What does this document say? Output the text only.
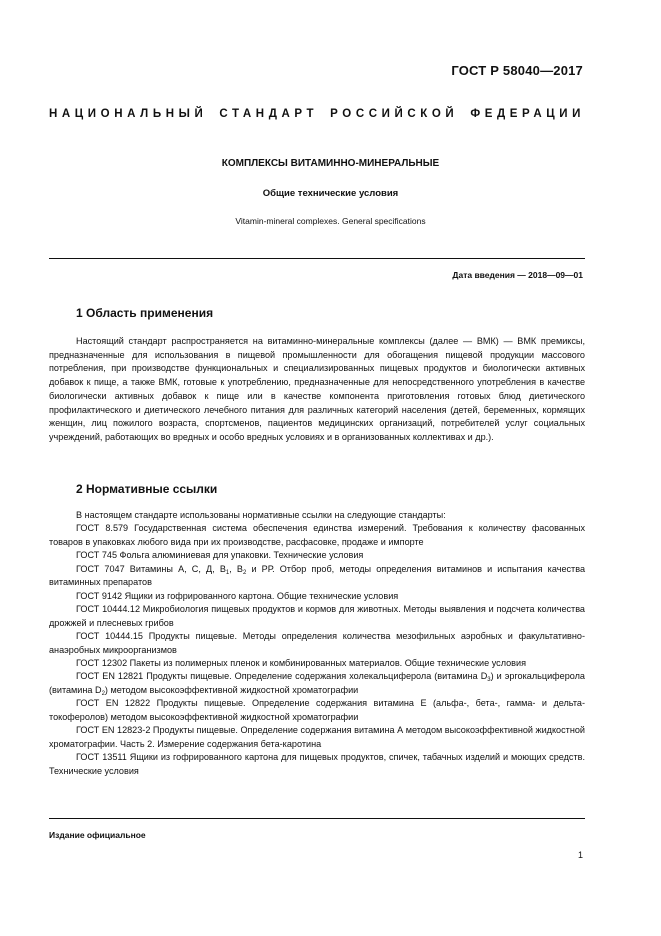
ГОСТ Р 58040—2017
НАЦИОНАЛЬНЫЙ СТАНДАРТ РОССИЙСКОЙ ФЕДЕРАЦИИ
КОМПЛЕКСЫ ВИТАМИННО-МИНЕРАЛЬНЫЕ
Общие технические условия
Vitamin-mineral complexes. General specifications
Дата введения — 2018—09—01
1 Область применения

Настоящий стандарт распространяется на витаминно-минеральные комплексы (далее — ВМК) — ВМК премиксы, предназначенные для использования в пищевой промышленности для обогащения пищевой продукции массового потребления, при производстве функциональных и специализированных пищевых продуктов и биологически активных добавок к пище, а также ВМК, готовые к употреблению, предназначенные для непосредственного употребления в качестве биологически активных добавок к пище или в качестве компонента приготовления готовых блюд диетического профилактического и диетического лечебного питания для различных категорий населения (детей, беременных, кормящих женщин, лиц пожилого возраста, спортсменов, пациентов медицинских организаций, потребителей услуг социальных учреждений, работающих во вредных и особо вредных условиях и в организованных коллективах и др.).

2 Нормативные ссылки

В настоящем стандарте использованы нормативные ссылки на следующие стандарты:

ГОСТ 8.579 Государственная система обеспечения единства измерений. Требования к количеству фасованных товаров в упаковках любого вида при их производстве, расфасовке, продаже и импорте

ГОСТ 745 Фольга алюминиевая для упаковки. Технические условия

ГОСТ 7047 Витамины А, С, Д, $В_1$, $В_2$ и РР. Отбор проб, методы определения витаминов и испытания качества витаминных препаратов

ГОСТ 9142 Ящики из гофрированного картона. Общие технические условия

ГОСТ 10444.12 Микробиология пищевых продуктов и кормов для животных. Методы выявления и подсчета количества дрожжей и плесневых грибов

ГОСТ 10444.15 Продукты пищевые. Методы определения количества мезофильных аэробных и факультативно-анаэробных микроорганизмов

ГОСТ 12302 Пакеты из полимерных пленок и комбинированных материалов. Общие технические условия

ГОСТ EN 12821 Продукты пищевые. Определение содержания холекальциферола (витамина $D_3$) и эргокальциферола (витамина $D_2$) методом высокоэффективной жидкостной хроматографии

ГОСТ EN 12822 Продукты пищевые. Определение содержания витамина Е (альфа-, бета-, гамма- и дельта-токоферолов) методом высокоэффективной жидкостной хроматографии

ГОСТ EN 12823-2 Продукты пищевые. Определение содержания витамина А методом высокоэффективной жидкостной хроматографии. Часть 2. Измерение содержания бета-каротина

ГОСТ 13511 Ящики из гофрированного картона для пищевых продуктов, спичек, табачных изделий и моющих средств. Технические условия

Издание официальное
1
